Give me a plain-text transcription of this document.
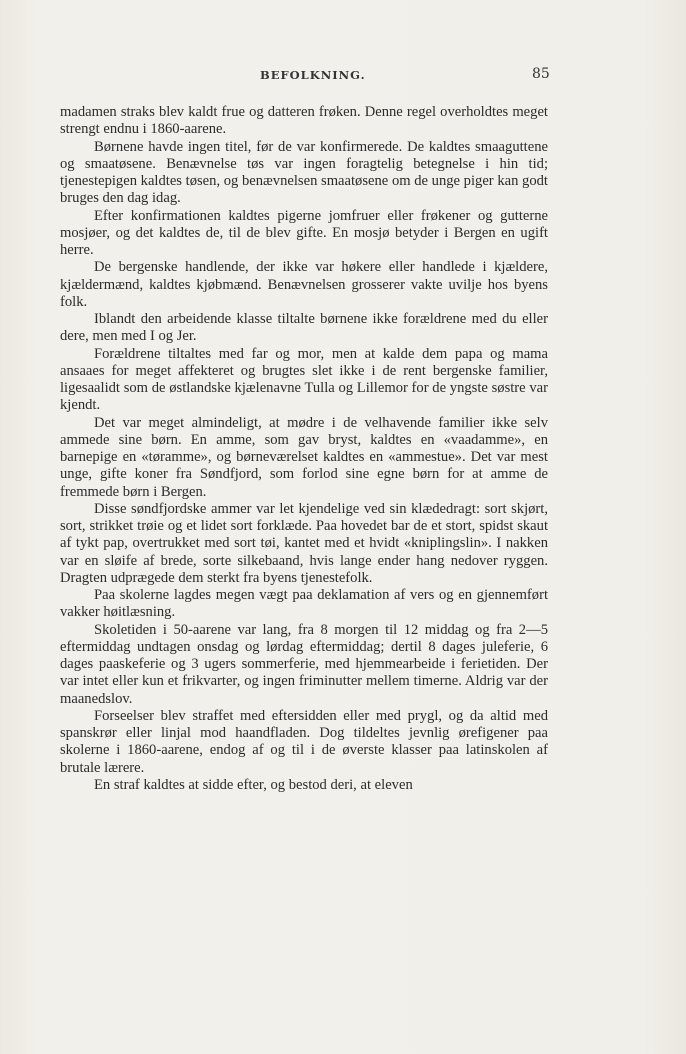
BEFOLKNING.	85

madamen straks blev kaldt frue og datteren frøken. Denne regel overholdtes meget strengt endnu i 1860-aarene.

Børnene havde ingen titel, før de var konfirmerede. De kaldtes smaaguttene og smaatøsene. Benævnelse tøs var ingen foragtelig betegnelse i hin tid; tjenestepigen kaldtes tøsen, og benævnelsen smaatøsene om de unge piger kan godt bruges den dag idag.

Efter konfirmationen kaldtes pigerne jomfruer eller frøkener og gutterne mosjøer, og det kaldtes de, til de blev gifte. En mosjø betyder i Bergen en ugift herre.

De bergenske handlende, der ikke var høkere eller handlede i kjældere, kjældermænd, kaldtes kjøbmænd. Benævnelsen grosserer vakte uvilje hos byens folk.

Iblandt den arbeidende klasse tiltalte børnene ikke forældrene med du eller dere, men med I og Jer.

Forældrene tiltaltes med far og mor, men at kalde dem papa og mama ansaaes for meget affekteret og brugtes slet ikke i de rent bergenske familier, ligesaalidt som de østlandske kjælenavne Tulla og Lillemor for de yngste søstre var kjendt.

Det var meget almindeligt, at mødre i de velhavende familier ikke selv ammede sine børn. En amme, som gav bryst, kaldtes en «vaadamme», en barnepige en «tøramme», og børneværelset kaldtes en «ammestue». Det var mest unge, gifte koner fra Søndfjord, som forlod sine egne børn for at amme de fremmede børn i Bergen.

Disse søndfjordske ammer var let kjendelige ved sin klædedragt: sort skjørt, sort, strikket trøie og et lidet sort forklæde. Paa hovedet bar de et stort, spidst skaut af tykt pap, overtrukket med sort tøi, kantet med et hvidt «kniplingslin». I nakken var en sløife af brede, sorte silkebaand, hvis lange ender hang nedover ryggen. Dragten udprægede dem sterkt fra byens tjenestefolk.

Paa skolerne lagdes megen vægt paa deklamation af vers og en gjennemført vakker høitlæsning.

Skoletiden i 50-aarene var lang, fra 8 morgen til 12 middag og fra 2—5 eftermiddag undtagen onsdag og lørdag eftermiddag; dertil 8 dages juleferie, 6 dages paaskeferie og 3 ugers sommerferie, med hjemmearbeide i ferietiden. Der var intet eller kun et frikvarter, og ingen friminutter mellem timerne. Aldrig var der maanedslov.

Forseelser blev straffet med eftersidden eller med prygl, og da altid med spanskrør eller linjal mod haandfladen. Dog tildeltes jevnlig ørefigener paa skolerne i 1860-aarene, endog af og til i de øverste klasser paa latinskolen af brutale lærere.

En straf kaldtes at sidde efter, og bestod deri, at eleven
